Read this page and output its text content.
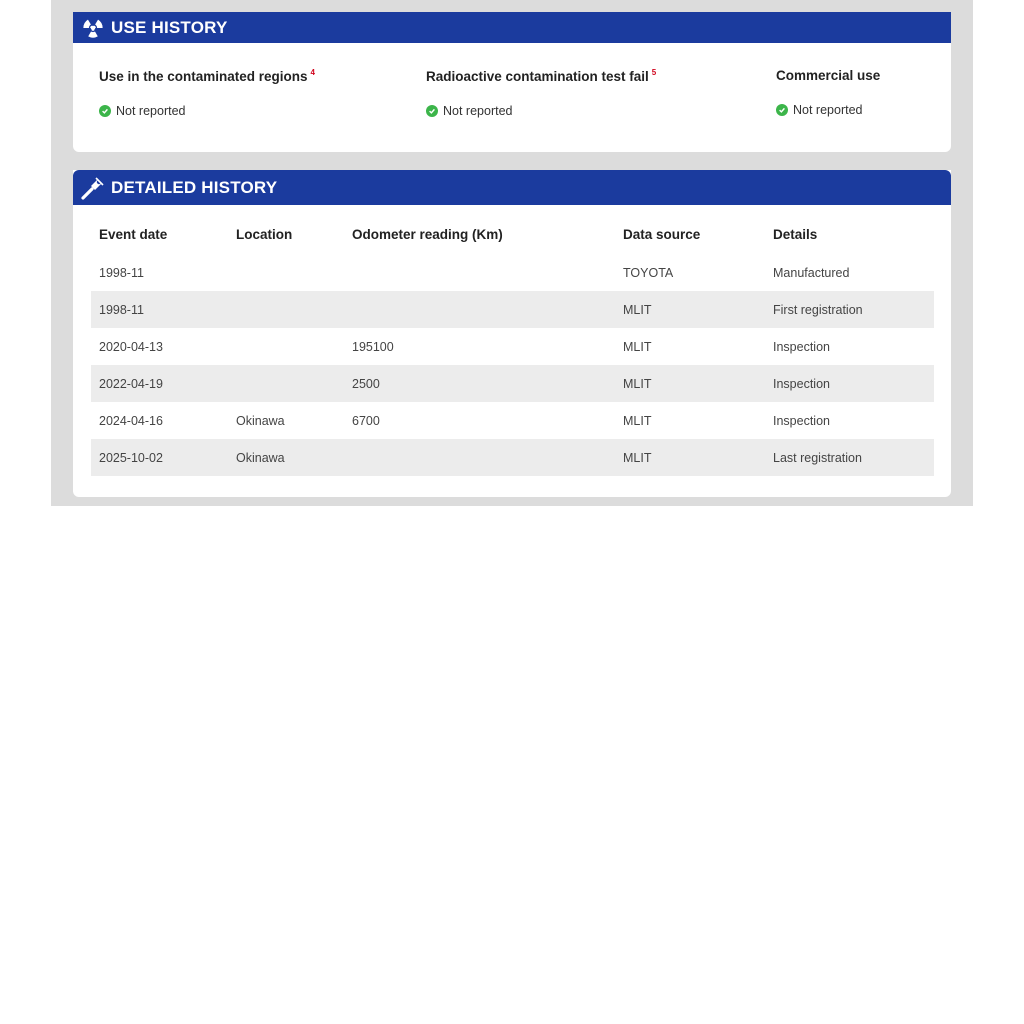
USE HISTORY
Use in the contaminated regions $^4$
Not reported
Radioactive contamination test fail $^5$
Not reported
Commercial use
Not reported
DETAILED HISTORY
Event date	Location	Odometer reading (Km)	Data source	Details
1998-11			TOYOTA	Manufactured
1998-11			MLIT	First registration
2020-04-13		195100	MLIT	Inspection
2022-04-19		2500	MLIT	Inspection
2024-04-16	Okinawa	6700	MLIT	Inspection
2025-10-02	Okinawa		MLIT	Last registration
